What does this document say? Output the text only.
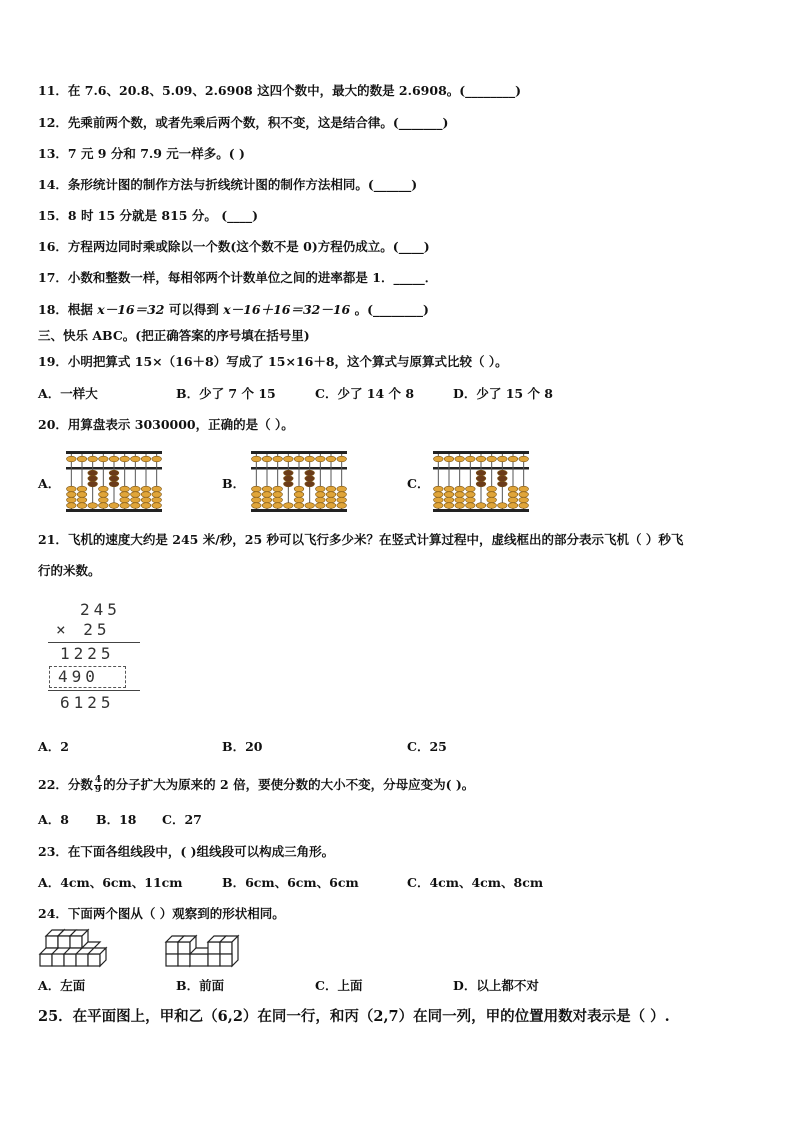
11．在 7.6、20.8、5.09、2.6908 这四个数中，最大的数是 2.6908。(________)
12．先乘前两个数，或者先乘后两个数，积不变，这是结合律。(_______)
13．7 元 9 分和 7.9 元一样多。( )
14．条形统计图的制作方法与折线统计图的制作方法相同。(______)
15．8 时 15 分就是 815 分。 (____)
16．方程两边同时乘或除以一个数(这个数不是 0)方程仍成立。(____)
17．小数和整数一样，每相邻两个计数单位之间的进率都是 1．_____．
18．根据 x－16＝32 可以得到 x－16＋16＝32－16 。(________)
三、快乐 ABC。(把正确答案的序号填在括号里)
19．小明把算式 15×（16＋8）写成了 15×16＋8，这个算式与原算式比较（ ）。
A．一样大	B．少了 7 个 15	C．少了 14 个 8	D．少了 15 个 8
20．用算盘表示 3030000，正确的是（ ）。
A．	B．	C．
21．飞机的速度大约是 245 米/秒，25 秒可以飞行多少米？在竖式计算过程中，虚线框出的部分表示飞机（ ）秒飞
行的米数。
245
× 25
1225
490
6125
A．2	B．20	C．25
22．分数 $\frac{4}{9}$ 的分子扩大为原来的 2 倍，要使分数的大小不变，分母应变为( )。
A．8 B．18 C．27
23．在下面各组线段中，( )组线段可以构成三角形。
A．4cm、6cm、11cm	B．6cm、6cm、6cm	C．4cm、4cm、8cm
24．下面两个图从（ ）观察到的形状相同。
A．左面	B．前面	C．上面	D．以上都不对
25．在平面图上，甲和乙（6,2）在同一行，和丙（2,7）在同一列，甲的位置用数对表示是（ ）.
